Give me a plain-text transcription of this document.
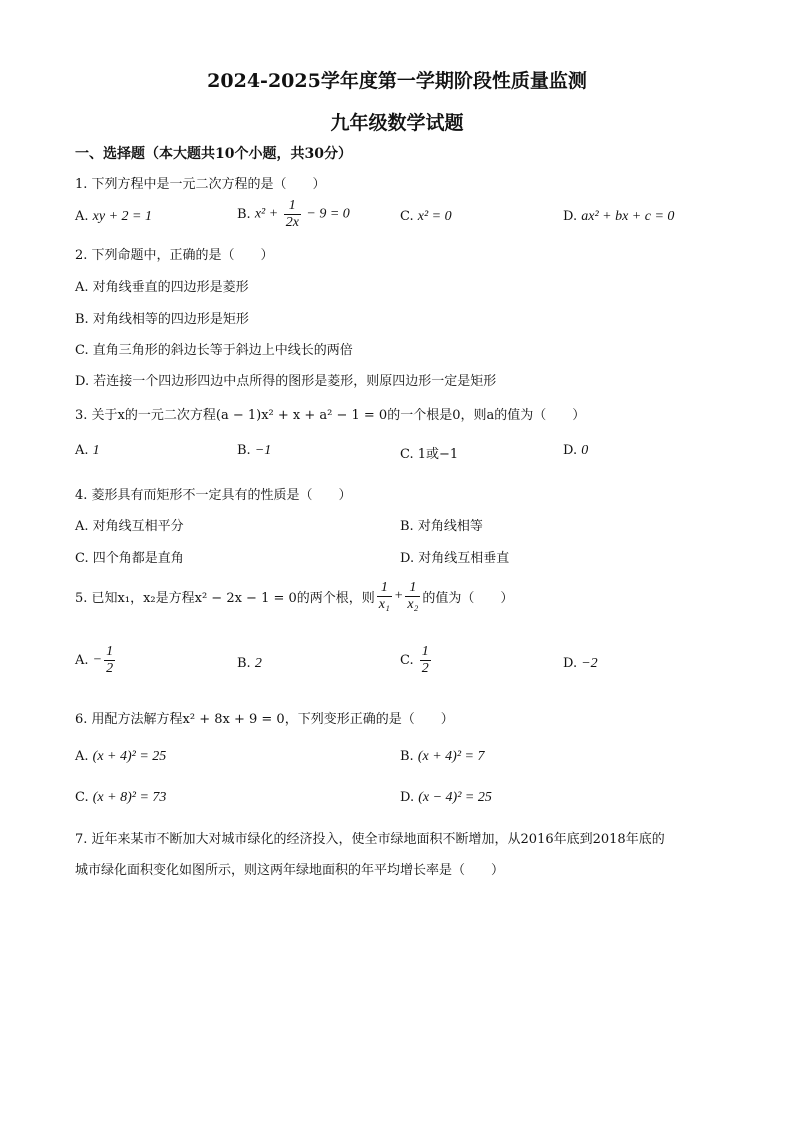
2024-2025学年度第一学期阶段性质量监测
九年级数学试题
一、选择题（本大题共10个小题，共30分）
1. 下列方程中是一元二次方程的是（　　）
A. xy + 2 = 1	B. $x^2 + \frac{1}{2x} - 9 = 0$	C. x² = 0	D. ax² + bx + c = 0
2. 下列命题中，正确的是（　　）
A. 对角线垂直的四边形是菱形
B. 对角线相等的四边形是矩形
C. 直角三角形的斜边长等于斜边上中线长的两倍
D. 若连接一个四边形四边中点所得的图形是菱形，则原四边形一定是矩形
3. 关于x的一元二次方程(a − 1)x² + x + a² − 1 = 0的一个根是0，则a的值为（　　）
A. 1	B. −1	C. 1或−1	D. 0
4. 菱形具有而矩形不一定具有的性质是（　　）
A. 对角线互相平分	B. 对角线相等
C. 四个角都是直角	D. 对角线互相垂直
5. 已知x₁，x₂是方程x² − 2x − 1 = 0的两个根，则 $\frac{1}{\text{x₁}} + \frac{1}{\text{x₂}}$ 的值为（　　）
A. − $\frac{1}{2}$	B. 2	C. $\frac{1}{2}$	D. −2
6. 用配方法解方程x² + 8x + 9 = 0，下列变形正确的是（　　）
A. (x + 4)² = 25	B. (x + 4)² = 7
C. (x + 8)² = 73	D. (x − 4)² = 25
7. 近年来某市不断加大对城市绿化的经济投入，使全市绿地面积不断增加，从2016年底到2018年底的
城市绿化面积变化如图所示，则这两年绿地面积的年平均增长率是（　　）
